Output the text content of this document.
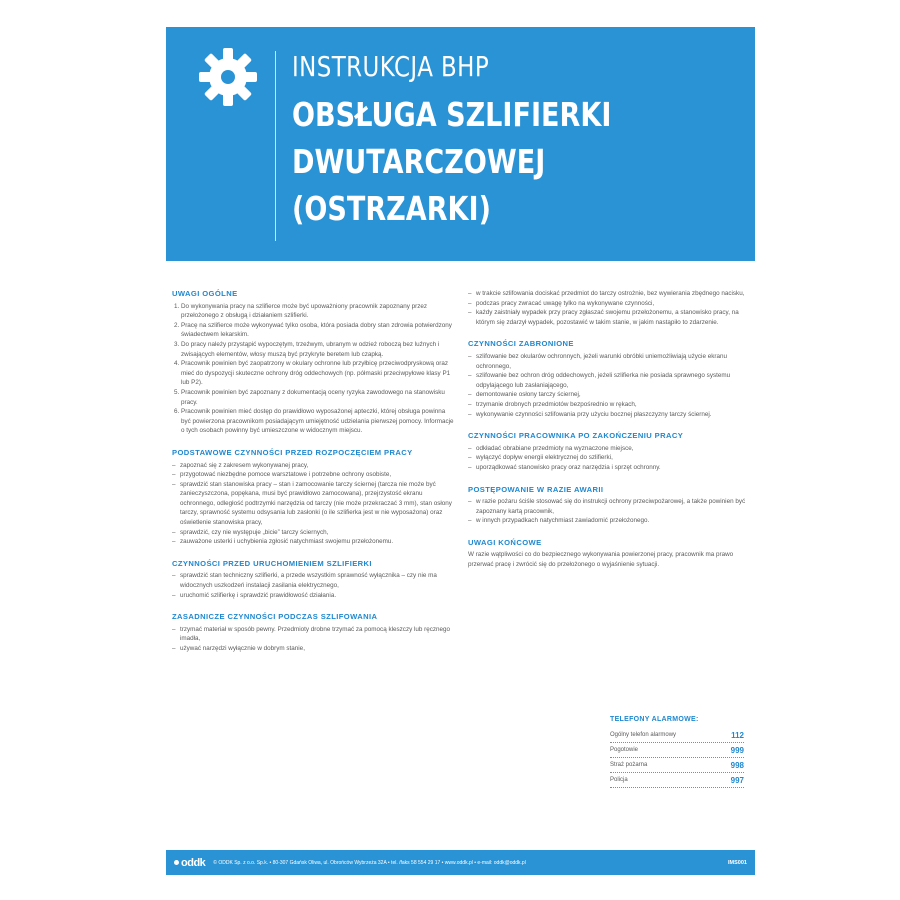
INSTRUKCJA BHP
OBSŁUGA SZLIFIERKI
DWUTARCZOWEJ
(OSTRZARKI)
UWAGI OGÓLNE
1. Do wykonywania pracy na szlifierce może być upoważniony pracownik zapoznany przez przełożonego z obsługą i działaniem szlifierki.
2. Pracę na szlifierce może wykonywać tylko osoba, która posiada dobry stan zdrowia potwierdzony świadectwem lekarskim.
3. Do pracy należy przystąpić wypoczętym, trzeźwym, ubranym w odzież roboczą bez luźnych i zwisających elementów, włosy muszą być przykryte beretem lub czapką.
4. Pracownik powinien być zaopatrzony w okulary ochronne lub przyłbicę przeciwodpryskową oraz mieć do dyspozycji skuteczne ochrony dróg oddechowych (np. półmaski przeciwpyłowe klasy P1 lub P2).
5. Pracownik powinien być zapoznany z dokumentacją oceny ryzyka zawodowego na stanowisku pracy.
6. Pracownik powinien mieć dostęp do prawidłowo wyposażonej apteczki, której obsługa powinna być powierzona pracownikom posiadającym umiejętność udzielania pierwszej pomocy. Informacje o tych osobach powinny być umieszczone w widocznym miejscu.
PODSTAWOWE CZYNNOŚCI PRZED ROZPOCZĘCIEM PRACY
– zapoznać się z zakresem wykonywanej pracy,
– przygotować niezbędne pomoce warsztatowe i potrzebne ochrony osobiste,
– sprawdzić stan stanowiska pracy – stan i zamocowanie tarczy ściernej (tarcza nie może być zanieczyszczona, popękana, musi być prawidłowo zamocowana), przejrzystość ekranu ochronnego, odległość podtrzymki narzędzia od tarczy (nie może przekraczać 3 mm), stan osłony tarczy, sprawność systemu odsysania lub zasłonki (o ile szlifierka jest w nie wyposażona) oraz oświetlenie stanowiska pracy,
– sprawdzić, czy nie występuje „bicie” tarczy ściernych,
– zauważone usterki i uchybienia zgłosić natychmiast swojemu przełożonemu.
CZYNNOŚCI PRZED URUCHOMIENIEM SZLIFIERKI
– sprawdzić stan techniczny szlifierki, a przede wszystkim sprawność wyłącznika – czy nie ma widocznych uszkodzeń instalacji zasilania elektrycznego,
– uruchomić szlifierkę i sprawdzić prawidłowość działania.
ZASADNICZE CZYNNOŚCI PODCZAS SZLIFOWANIA
– trzymać materiał w sposób pewny. Przedmioty drobne trzymać za pomocą kleszczy lub ręcznego imadła,
– używać narzędzi wyłącznie w dobrym stanie,
– w trakcie szlifowania dociskać przedmiot do tarczy ostrożnie, bez wywierania zbędnego nacisku,
– podczas pracy zwracać uwagę tylko na wykonywane czynności,
– każdy zaistniały wypadek przy pracy zgłaszać swojemu przełożonemu, a stanowisko pracy, na którym się zdarzył wypadek, pozostawić w takim stanie, w jakim nastąpiło to zdarzenie.
CZYNNOŚCI ZABRONIONE
– szlifowanie bez okularów ochronnych, jeżeli warunki obróbki uniemożliwiają użycie ekranu ochronnego,
– szlifowanie bez ochron dróg oddechowych, jeżeli szlifierka nie posiada sprawnego systemu odpylającego lub zasłaniającego,
– demontowanie osłony tarczy ściernej,
– trzymanie drobnych przedmiotów bezpośrednio w rękach,
– wykonywanie czynności szlifowania przy użyciu bocznej płaszczyzny tarczy ściernej.
CZYNNOŚCI PRACOWNIKA PO ZAKOŃCZENIU PRACY
– odkładać obrabiane przedmioty na wyznaczone miejsce,
– wyłączyć dopływ energii elektrycznej do szlifierki,
– uporządkować stanowisko pracy oraz narzędzia i sprzęt ochronny.
POSTĘPOWANIE W RAZIE AWARII
– w razie pożaru ściśle stosować się do instrukcji ochrony przeciwpożarowej, a także powinien być zapoznany kartą pracownik,
– w innych przypadkach natychmiast zawiadomić przełożonego.
UWAGI KOŃCOWE

W razie wątpliwości co do bezpiecznego wykonywania powierzonej pracy, pracownik ma prawo przerwać pracę i zwrócić się do przełożonego o wyjaśnienie sytuacji.

TELEFONY ALARMOWE:
Ogólny telefon alarmowy	112
Pogotowie	999
Straż pożarna	998
Policja	997
oddk © ODDK Sp. z o.o. Sp.k. • 80-307 Gdańsk Oliwa, ul. Obrońców Wybrzeża 32A • tel. /faks 58 554 29 17 • www.oddk.pl • e-mail: oddk@oddk.pl	IMS001
